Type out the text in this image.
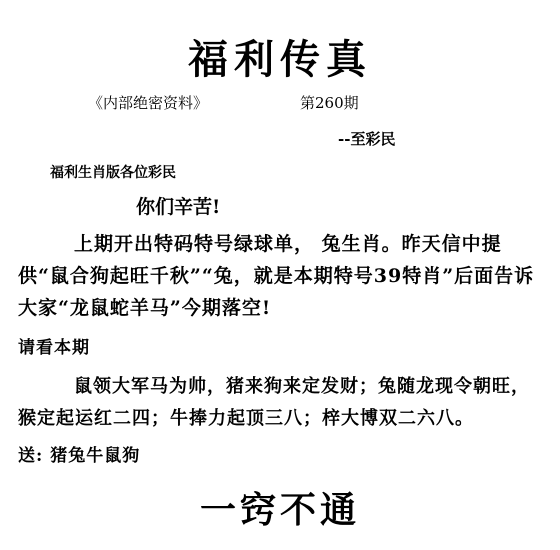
福利传真
《内部绝密资料》	第260期
--至彩民
福利生肖版各位彩民
你们辛苦!
上期开出特码特号绿球单， 兔生肖。昨天信中提供“鼠合狗起旺千秋”“兔，就是本期特号39特肖”后面告诉大家“龙鼠蛇羊马”今期落空!
请看本期
鼠领大军马为帅，猪来狗来定发财；兔随龙现令朝旺，猴定起运红二四；牛捧力起顶三八；梓大博双二六八。
送: 猪兔牛鼠狗
一窍不通
